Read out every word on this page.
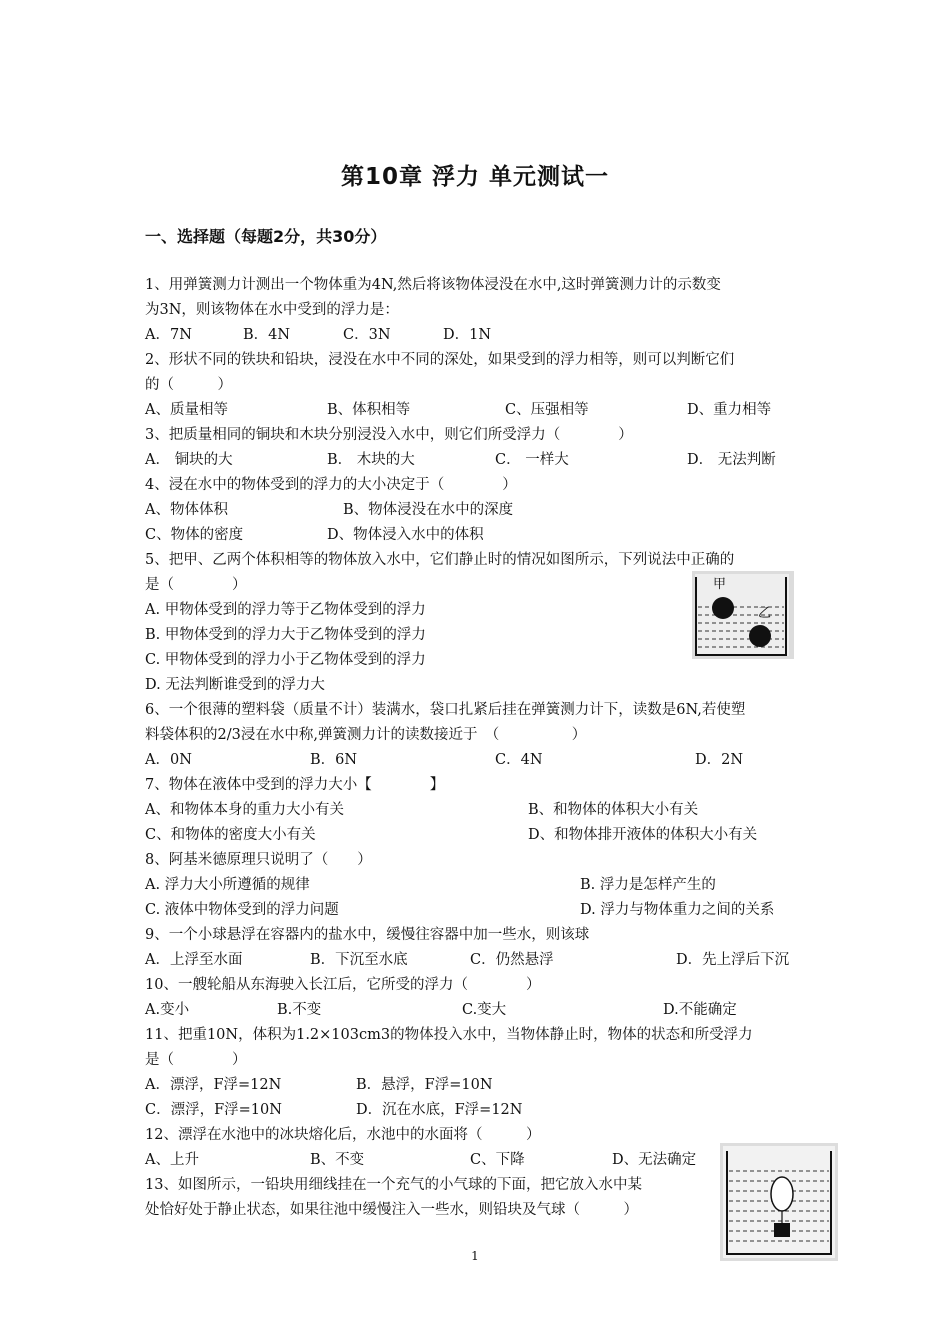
第10章 浮力 单元测试一
一、选择题（每题2分，共30分）
1、用弹簧测力计测出一个物体重为4N,然后将该物体浸没在水中,这时弹簧测力计的示数变
为3N，则该物体在水中受到的浮力是：
A．7N	B．4N	C．3N	D．1N
2、形状不同的铁块和铅块，浸没在水中不同的深处，如果受到的浮力相等，则可以判断它们
的（　　　）
A、质量相等	B、体积相等	C、压强相等	D、重力相等
3、把质量相同的铜块和木块分别浸没入水中，则它们所受浮力（　　　　）
A． 铜块的大	B． 木块的大	C． 一样大	D． 无法判断
4、浸在水中的物体受到的浮力的大小决定于（　　　　）
A、物体体积	B、物体浸没在水中的深度
C、物体的密度	D、物体浸入水中的体积
5、把甲、乙两个体积相等的物体放入水中，它们静止时的情况如图所示，下列说法中正确的
是（　　　　）
A. 甲物体受到的浮力等于乙物体受到的浮力
B. 甲物体受到的浮力大于乙物体受到的浮力
C. 甲物体受到的浮力小于乙物体受到的浮力
D. 无法判断谁受到的浮力大
甲
乙
6、一个很薄的塑料袋（质量不计）装满水，袋口扎紧后挂在弹簧测力计下，读数是6N,若使塑
料袋体积的2/3浸在水中称,弹簧测力计的读数接近于　（　　　　　）
A．0N	B．6N	C．4N	D．2N
7、物体在液体中受到的浮力大小【　　　　】
A、和物体本身的重力大小有关	B、和物体的体积大小有关
C、和物体的密度大小有关	D、和物体排开液体的体积大小有关
8、阿基米德原理只说明了（　　）
A. 浮力大小所遵循的规律	B. 浮力是怎样产生的
C. 液体中物体受到的浮力问题	D. 浮力与物体重力之间的关系
9、一个小球悬浮在容器内的盐水中，缓慢往容器中加一些水，则该球
A．上浮至水面	B．下沉至水底	C．仍然悬浮	D．先上浮后下沉
10、一艘轮船从东海驶入长江后，它所受的浮力（　　　　）
A.变小	B.不变	C.变大	D.不能确定
11、把重10N，体积为1.2×103cm3的物体投入水中，当物体静止时，物体的状态和所受浮力
是（　　　　）
A．漂浮，F浮=12N	B．悬浮，F浮=10N
C．漂浮，F浮=10N	D．沉在水底，F浮=12N
12、漂浮在水池中的冰块熔化后，水池中的水面将（　　　）
A、上升	B、不变	C、下降	D、无法确定
13、如图所示，一铅块用细线挂在一个充气的小气球的下面，把它放入水中某
处恰好处于静止状态，如果往池中缓慢注入一些水，则铅块及气球（　　　）
1
